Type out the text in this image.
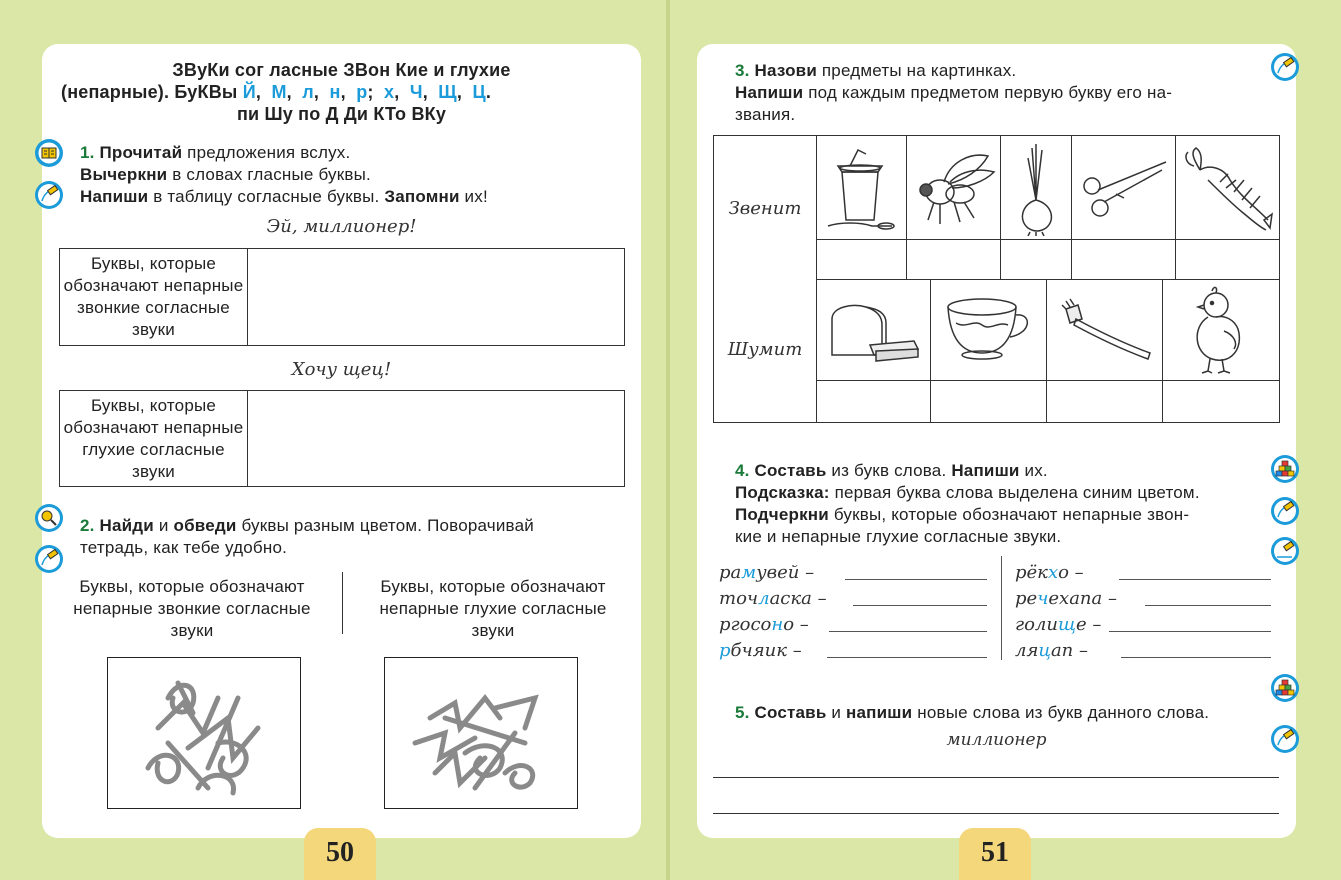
ЗВуКи сог ласные ЗВон Кие и глухие
(непарные). БуКВы Й,  М,  л,  н,  р;  х,  Ч,  Щ,  Ц.
пи Шу по Д Ди КТо ВКу
1. Прочитай предложения вслух.
Вычеркни в словах гласные буквы.
Напиши в таблицу согласные буквы. Запомни их!
Эй, миллионер!
Буквы, которые обозначают непарные звонкие согласные звуки	
Хочу щец!
Буквы, которые обозначают непарные глухие согласные звуки	
2. Найди и обведи буквы разным цветом. Поворачивай
тетрадь, как тебе удобно.
Буквы, которые обозначают непарные звонкие согласные звуки
Буквы, которые обозначают непарные глухие согласные звуки
50
3. Назови предметы на картинках.
Напиши под каждым предметом первую букву его на-
звания.
Звенит
Шумит
4. Составь из букв слова. Напиши их.
Подсказка: первая буква слова выделена синим цветом.
Подчеркни буквы, которые обозначают непарные звон-
кие и непарные глухие согласные звуки.
рамувей –
точласка –
ргосоно –
рбчяик –
рёкхо –
речехапа –
голище –
ляцап –
5. Составь и напиши новые слова из букв данного слова.
миллионер
51
